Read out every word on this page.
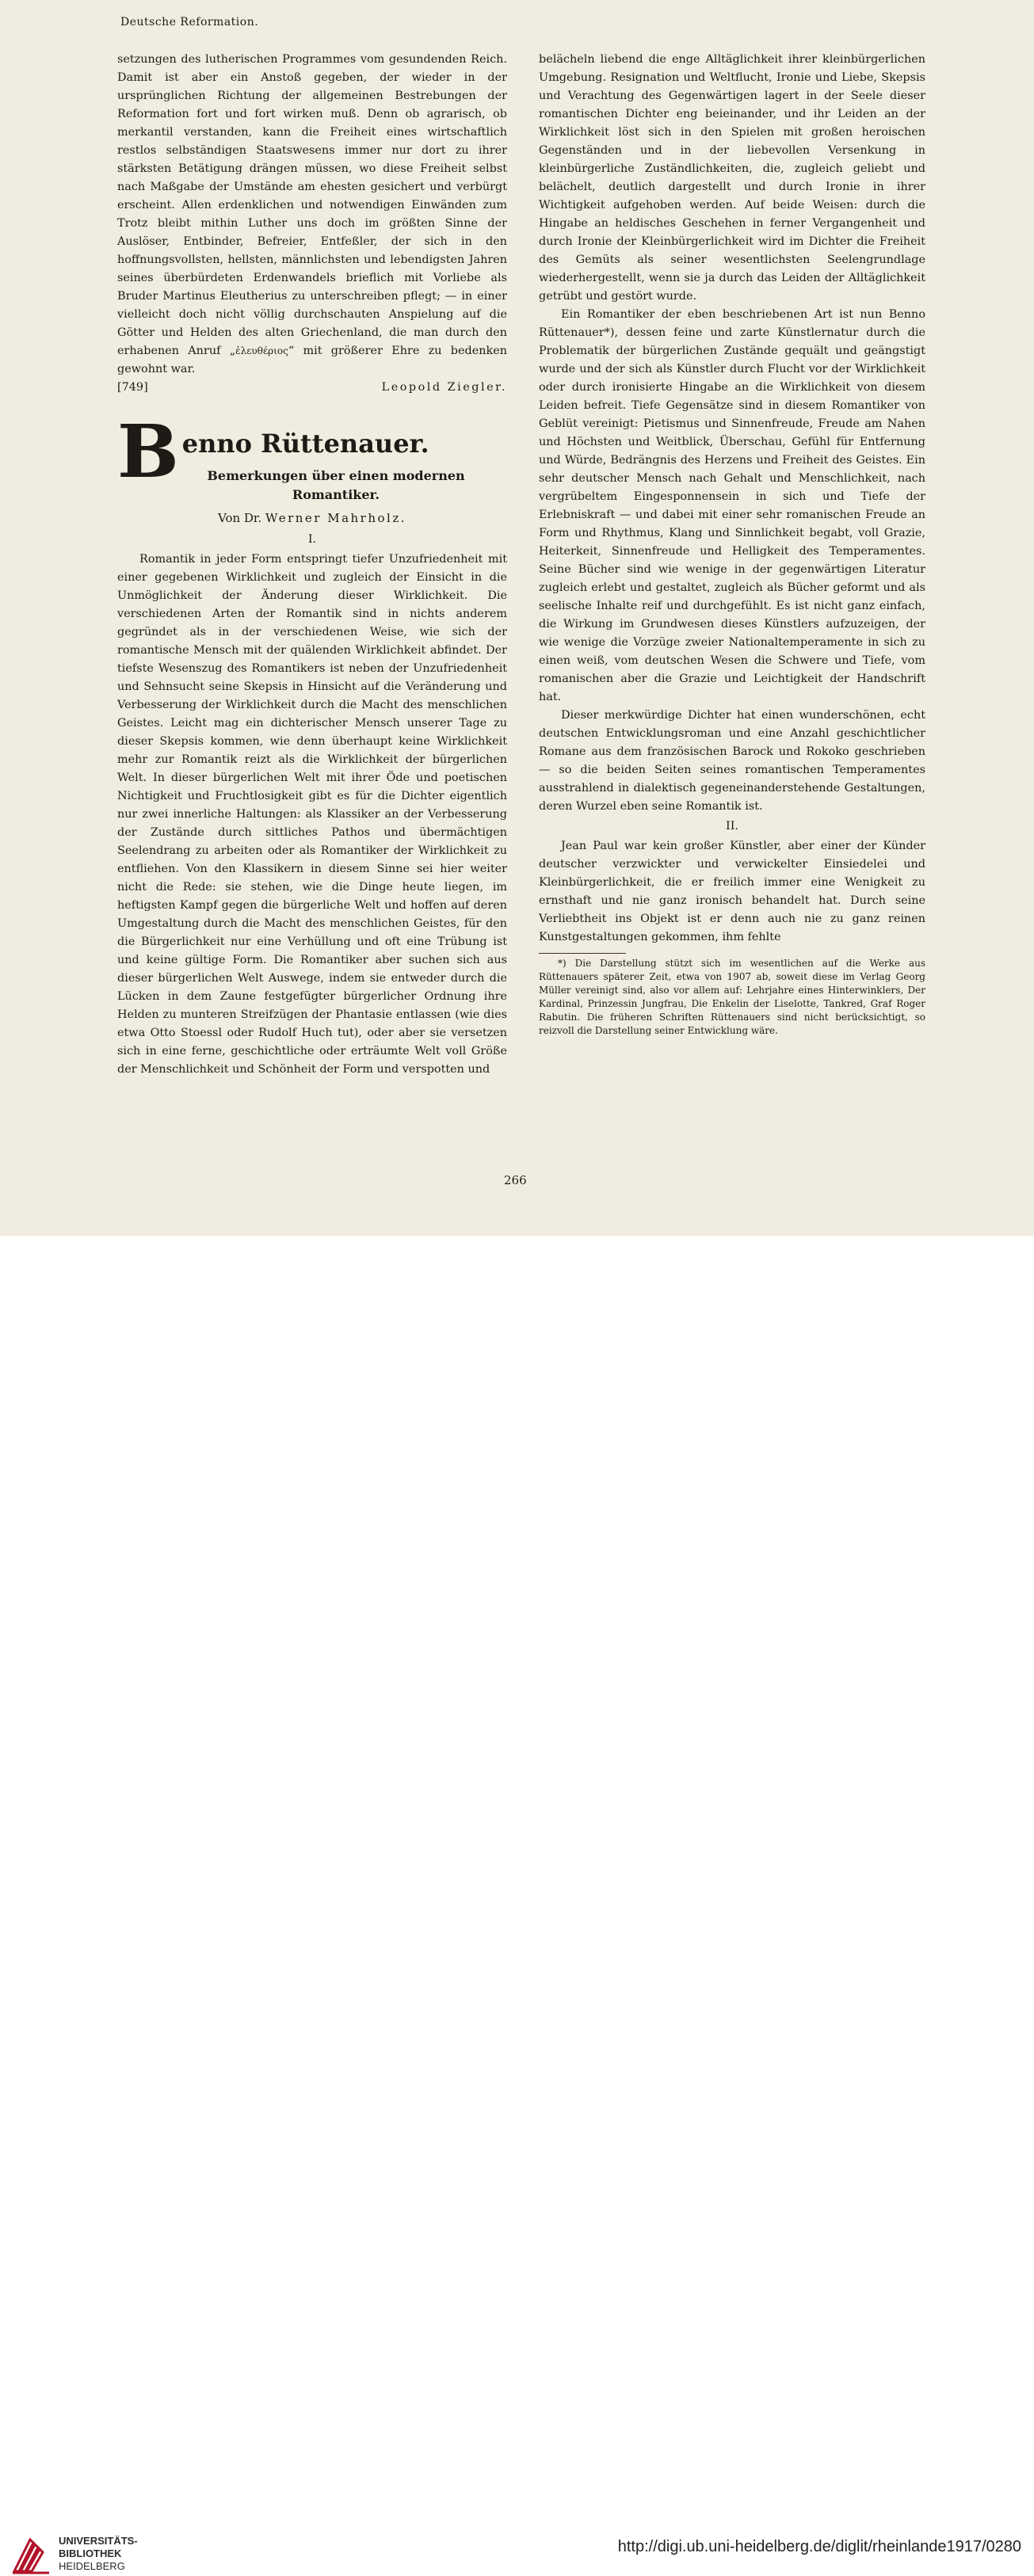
Deutsche Reformation.

setzungen des lutherischen Programmes vom gesundenden Reich. Damit ist aber ein Anstoß gegeben, der wieder in der ursprünglichen Richtung der allgemeinen Bestrebungen der Reformation fort und fort wirken muß. Denn ob agrarisch, ob merkantil verstanden, kann die Freiheit eines wirtschaftlich restlos selbständigen Staatswesens immer nur dort zu ihrer stärksten Betätigung drängen müssen, wo diese Freiheit selbst nach Maßgabe der Umstände am ehesten gesichert und verbürgt erscheint. Allen erdenklichen und notwendigen Einwänden zum Trotz bleibt mithin Luther uns doch im größten Sinne der Auslöser, Entbinder, Befreier, Entfeßler, der sich in den hoffnungsvollsten, hellsten, männlichsten und lebendigsten Jahren seines überbürdeten Erdenwandels brieflich mit Vorliebe als Bruder Martinus Eleutherius zu unterschreiben pflegt; — in einer vielleicht doch nicht völlig durchschauten Anspielung auf die Götter und Helden des alten Griechenland, die man durch den erhabenen Anruf „ἐλευθέριος“ mit größerer Ehre zu bedenken gewohnt war.

[749]	Leopold Ziegler.
B enno Rüttenauer.
Bemerkungen über einen modernen Romantiker.
Von Dr. Werner Mahrholz.
I.

Romantik in jeder Form entspringt tiefer Unzufriedenheit mit einer gegebenen Wirklichkeit und zugleich der Einsicht in die Unmöglichkeit der Änderung dieser Wirklichkeit. Die verschiedenen Arten der Romantik sind in nichts anderem gegründet als in der verschiedenen Weise, wie sich der romantische Mensch mit der quälenden Wirklichkeit abfindet. Der tiefste Wesenszug des Romantikers ist neben der Unzufriedenheit und Sehnsucht seine Skepsis in Hinsicht auf die Veränderung und Verbesserung der Wirklichkeit durch die Macht des menschlichen Geistes. Leicht mag ein dichterischer Mensch unserer Tage zu dieser Skepsis kommen, wie denn überhaupt keine Wirklichkeit mehr zur Romantik reizt als die Wirklichkeit der bürgerlichen Welt. In dieser bürgerlichen Welt mit ihrer Öde und poetischen Nichtigkeit und Fruchtlosigkeit gibt es für die Dichter eigentlich nur zwei innerliche Haltungen: als Klassiker an der Verbesserung der Zustände durch sittliches Pathos und übermächtigen Seelendrang zu arbeiten oder als Romantiker der Wirklichkeit zu entfliehen. Von den Klassikern in diesem Sinne sei hier weiter nicht die Rede: sie stehen, wie die Dinge heute liegen, im heftigsten Kampf gegen die bürgerliche Welt und hoffen auf deren Umgestaltung durch die Macht des menschlichen Geistes, für den die Bürgerlichkeit nur eine Verhüllung und oft eine Trübung ist und keine gültige Form. Die Romantiker aber suchen sich aus dieser bürgerlichen Welt Auswege, indem sie entweder durch die Lücken in dem Zaune festgefügter bürgerlicher Ordnung ihre Helden zu munteren Streifzügen der Phantasie entlassen (wie dies etwa Otto Stoessl oder Rudolf Huch tut), oder aber sie versetzen sich in eine ferne, geschichtliche oder erträumte Welt voll Größe der Menschlichkeit und Schönheit der Form und verspotten und

belächeln liebend die enge Alltäglichkeit ihrer kleinbürgerlichen Umgebung. Resignation und Weltflucht, Ironie und Liebe, Skepsis und Verachtung des Gegenwärtigen lagert in der Seele dieser romantischen Dichter eng beieinander, und ihr Leiden an der Wirklichkeit löst sich in den Spielen mit großen heroischen Gegenständen und in der liebevollen Versenkung in kleinbürgerliche Zuständlichkeiten, die, zugleich geliebt und belächelt, deutlich dargestellt und durch Ironie in ihrer Wichtigkeit aufgehoben werden. Auf beide Weisen: durch die Hingabe an heldisches Geschehen in ferner Vergangenheit und durch Ironie der Kleinbürgerlichkeit wird im Dichter die Freiheit des Gemüts als seiner wesentlichsten Seelengrundlage wiederhergestellt, wenn sie ja durch das Leiden der Alltäglichkeit getrübt und gestört wurde.

Ein Romantiker der eben beschriebenen Art ist nun Benno Rüttenauer*), dessen feine und zarte Künstlernatur durch die Problematik der bürgerlichen Zustände gequält und geängstigt wurde und der sich als Künstler durch Flucht vor der Wirklichkeit oder durch ironisierte Hingabe an die Wirklichkeit von diesem Leiden befreit. Tiefe Gegensätze sind in diesem Romantiker von Geblüt vereinigt: Pietismus und Sinnenfreude, Freude am Nahen und Höchsten und Weitblick, Überschau, Gefühl für Entfernung und Würde, Bedrängnis des Herzens und Freiheit des Geistes. Ein sehr deutscher Mensch nach Gehalt und Menschlichkeit, nach vergrübeltem Eingesponnensein in sich und Tiefe der Erlebniskraft — und dabei mit einer sehr romanischen Freude an Form und Rhythmus, Klang und Sinnlichkeit begabt, voll Grazie, Heiterkeit, Sinnenfreude und Helligkeit des Temperamentes. Seine Bücher sind wie wenige in der gegenwärtigen Literatur zugleich erlebt und gestaltet, zugleich als Bücher geformt und als seelische Inhalte reif und durchgefühlt. Es ist nicht ganz einfach, die Wirkung im Grundwesen dieses Künstlers aufzuzeigen, der wie wenige die Vorzüge zweier Nationaltemperamente in sich zu einen weiß, vom deutschen Wesen die Schwere und Tiefe, vom romanischen aber die Grazie und Leichtigkeit der Handschrift hat.

Dieser merkwürdige Dichter hat einen wunderschönen, echt deutschen Entwicklungsroman und eine Anzahl geschichtlicher Romane aus dem französischen Barock und Rokoko geschrieben — so die beiden Seiten seines romantischen Temperamentes ausstrahlend in dialektisch gegeneinanderstehende Gestaltungen, deren Wurzel eben seine Romantik ist.

II.

Jean Paul war kein großer Künstler, aber einer der Künder deutscher verzwickter und verwickelter Einsiedelei und Kleinbürgerlichkeit, die er freilich immer eine Wenigkeit zu ernsthaft und nie ganz ironisch behandelt hat. Durch seine Verliebtheit ins Objekt ist er denn auch nie zu ganz reinen Kunstgestaltungen gekommen, ihm fehlte

*) Die Darstellung stützt sich im wesentlichen auf die Werke aus Rüttenauers späterer Zeit, etwa von 1907 ab, soweit diese im Verlag Georg Müller vereinigt sind, also vor allem auf: Lehrjahre eines Hinterwinklers, Der Kardinal, Prinzessin Jungfrau, Die Enkelin der Liselotte, Tankred, Graf Roger Rabutin. Die früheren Schriften Rüttenauers sind nicht berücksichtigt, so reizvoll die Darstellung seiner Entwicklung wäre.

266
UNIVERSITÄTS-
BIBLIOTHEK
HEIDELBERG
http://digi.ub.uni-heidelberg.de/diglit/rheinlande1917/0280
